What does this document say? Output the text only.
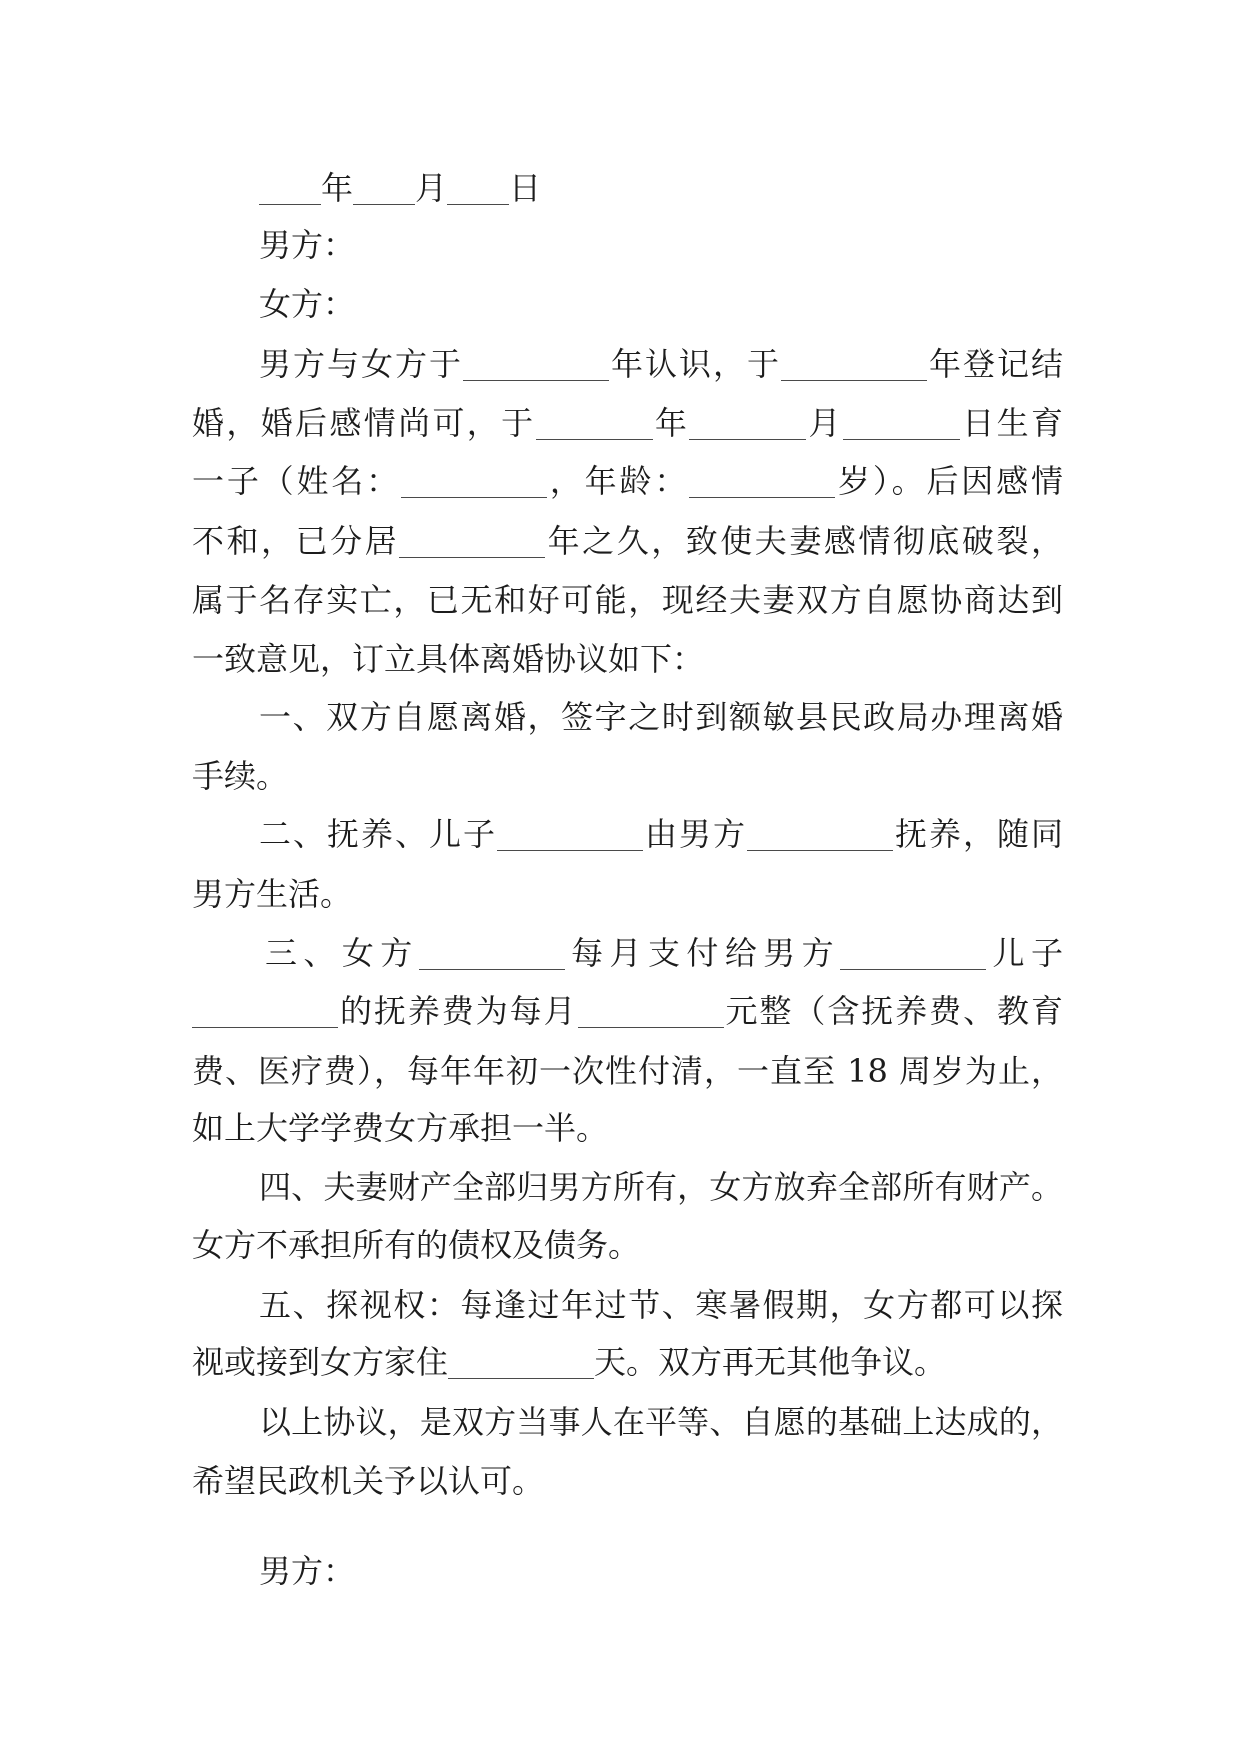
年 月 日
男方：
女方：
男方与女方于	年认识，于	年登记结
婚，婚后感情尚可，于	年	月	日生育
一子（姓名：	，年龄：	岁）。后因感情
不和，已分居	年之久，致使夫妻感情彻底破裂，
属于名存实亡，已无和好可能，现经夫妻双方自愿协商达到
一致意见，订立具体离婚协议如下：
一、双方自愿离婚，签字之时到额敏县民政局办理离婚
手续。
二、抚养、儿子	由男方	抚养，随同
男方生活。
三、女方	每月支付给男方	儿子
的抚养费为每月	元整（含抚养费、教育
费、医疗费），每年年初一次性付清，一直至 18 周岁为止，
如上大学学费女方承担一半。
四、夫妻财产全部归男方所有，女方放弃全部所有财产。
女方不承担所有的债权及债务。
五、探视权：每逢过年过节、寒暑假期，女方都可以探
视或接到女方家住	天。双方再无其他争议。
以上协议，是双方当事人在平等、自愿的基础上达成的，
希望民政机关予以认可。
男方：
